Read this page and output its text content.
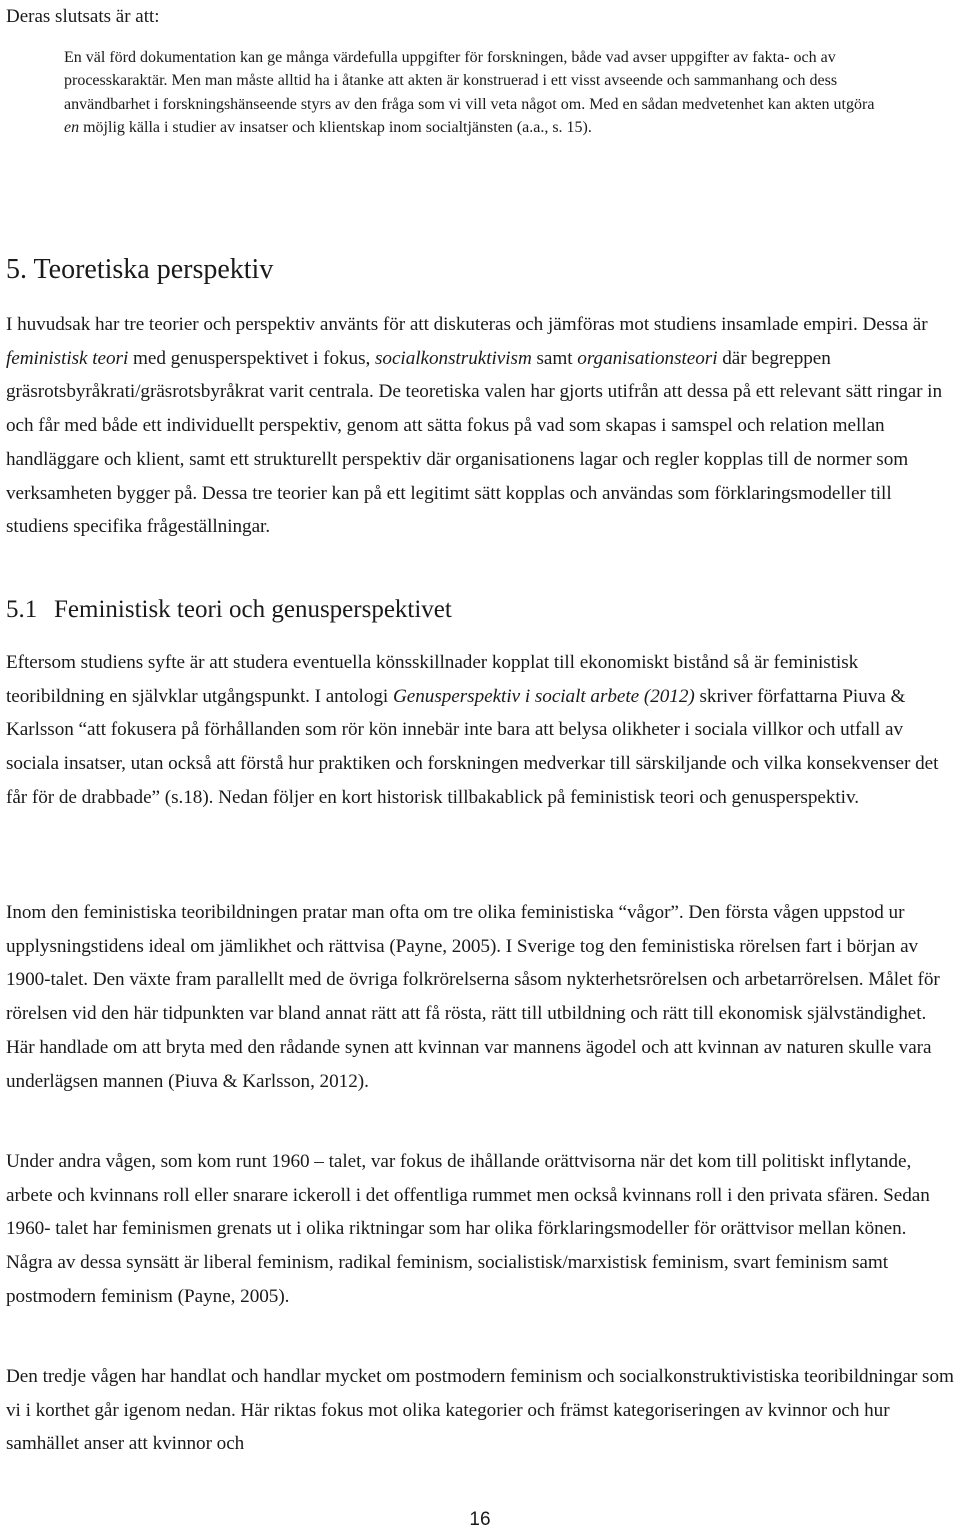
Deras slutsats är att:

En väl förd dokumentation kan ge många värdefulla uppgifter för forskningen, både vad avser uppgifter av fakta- och av processkaraktär. Men man måste alltid ha i åtanke att akten är konstruerad i ett visst avseende och sammanhang och dess användbarhet i forskningshänseende styrs av den fråga som vi vill veta något om. Med en sådan medvetenhet kan akten utgöra en möjlig källa i studier av insatser och klientskap inom socialtjänsten (a.a., s. 15).

5. Teoretiska perspektiv

I huvudsak har tre teorier och perspektiv använts för att diskuteras och jämföras mot studiens insamlade empiri. Dessa är feministisk teori med genusperspektivet i fokus, socialkonstruktivism samt organisationsteori där begreppen gräsrotsbyråkrati/gräsrotsbyråkrat varit centrala. De teoretiska valen har gjorts utifrån att dessa på ett relevant sätt ringar in och får med både ett individuellt perspektiv, genom att sätta fokus på vad som skapas i samspel och relation mellan handläggare och klient, samt ett strukturellt perspektiv där organisationens lagar och regler kopplas till de normer som verksamheten bygger på. Dessa tre teorier kan på ett legitimt sätt kopplas och användas som förklaringsmodeller till studiens specifika frågeställningar.

5.1 Feministisk teori och genusperspektivet

Eftersom studiens syfte är att studera eventuella könsskillnader kopplat till ekonomiskt bistånd så är feministisk teoribildning en självklar utgångspunkt. I antologi Genusperspektiv i socialt arbete (2012) skriver författarna Piuva & Karlsson “att fokusera på förhållanden som rör kön innebär inte bara att belysa olikheter i sociala villkor och utfall av sociala insatser, utan också att förstå hur praktiken och forskningen medverkar till särskiljande och vilka konsekvenser det får för de drabbade” (s.18). Nedan följer en kort historisk tillbakablick på feministisk teori och genusperspektiv.

Inom den feministiska teoribildningen pratar man ofta om tre olika feministiska “vågor”. Den första vågen uppstod ur upplysningstidens ideal om jämlikhet och rättvisa (Payne, 2005). I Sverige tog den feministiska rörelsen fart i början av 1900-talet. Den växte fram parallellt med de övriga folkrörelserna såsom nykterhetsrörelsen och arbetarrörelsen. Målet för rörelsen vid den här tidpunkten var bland annat rätt att få rösta, rätt till utbildning och rätt till ekonomisk självständighet. Här handlade om att bryta med den rådande synen att kvinnan var mannens ägodel och att kvinnan av naturen skulle vara underlägsen mannen (Piuva & Karlsson, 2012).

Under andra vågen, som kom runt 1960 – talet, var fokus de ihållande orättvisorna när det kom till politiskt inflytande, arbete och kvinnans roll eller snarare ickeroll i det offentliga rummet men också kvinnans roll i den privata sfären. Sedan 1960- talet har feminismen grenats ut i olika riktningar som har olika förklaringsmodeller för orättvisor mellan könen. Några av dessa synsätt är liberal feminism, radikal feminism, socialistisk/marxistisk feminism, svart feminism samt postmodern feminism (Payne, 2005).

Den tredje vågen har handlat och handlar mycket om postmodern feminism och socialkonstruktivistiska teoribildningar som vi i korthet går igenom nedan. Här riktas fokus mot olika kategorier och främst kategoriseringen av kvinnor och hur samhället anser att kvinnor och

16
